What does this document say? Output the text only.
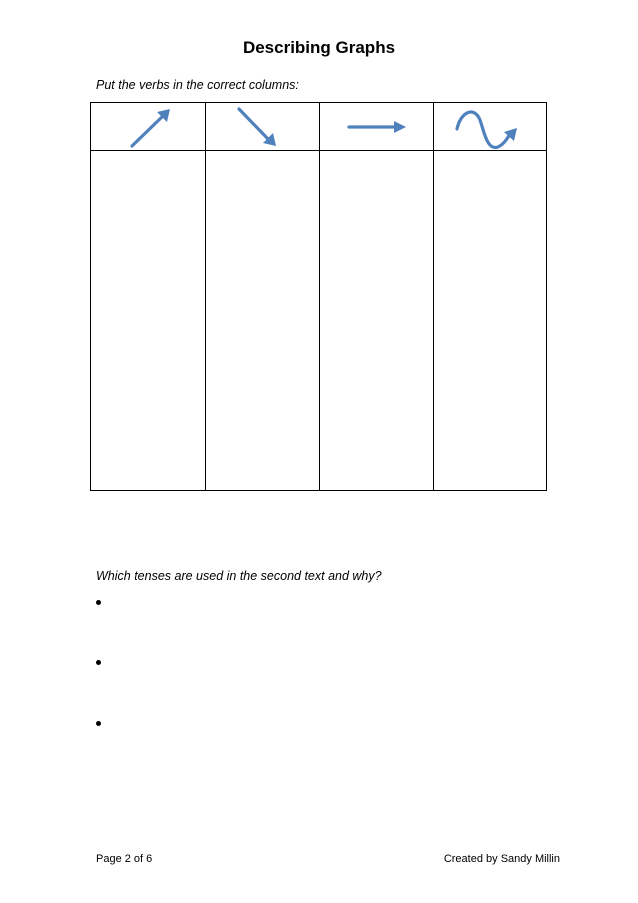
Describing Graphs
Put the verbs in the correct columns:
Which tenses are used in the second text and why?
Page 2 of 6	Created by Sandy Millin
